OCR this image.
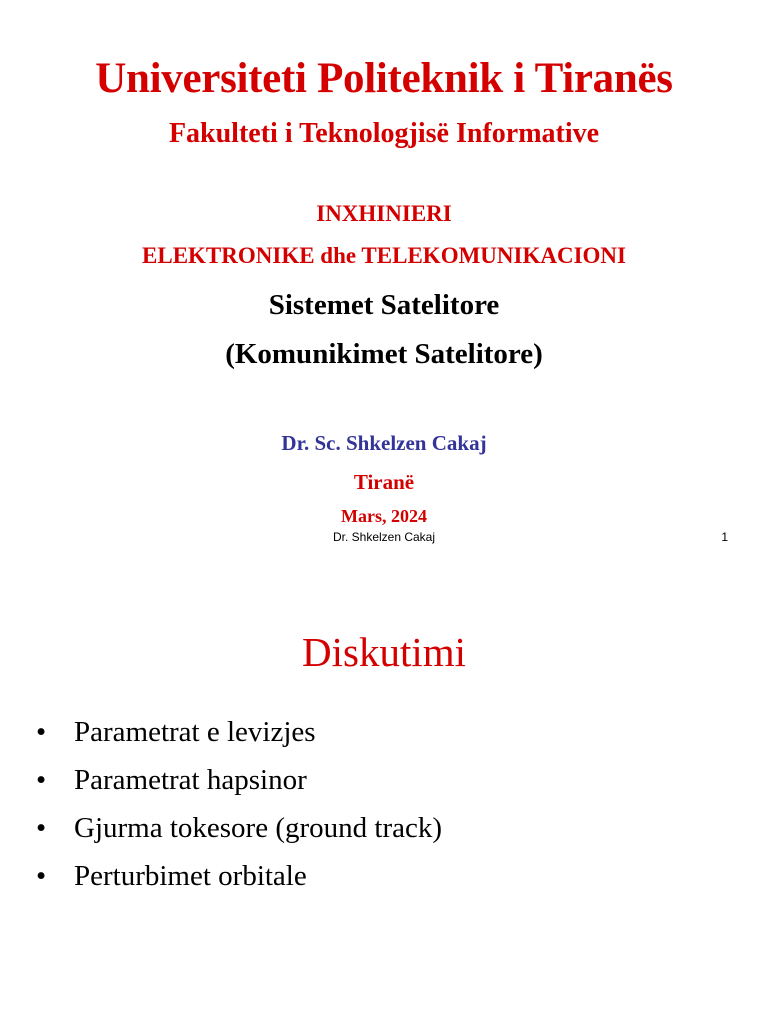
Universiteti Politeknik i Tiranës
Fakulteti i Teknologjisë Informative
INXHINIERI
ELEKTRONIKE dhe TELEKOMUNIKACIONI
Sistemet Satelitore
(Komunikimet Satelitore)
Dr. Sc. Shkelzen Cakaj
Tiranë
Mars, 2024
Dr. Shkelzen Cakaj	1
Diskutimi
• Parametrat e levizjes
• Parametrat hapsinor
• Gjurma tokesore (ground track)
• Perturbimet orbitale
